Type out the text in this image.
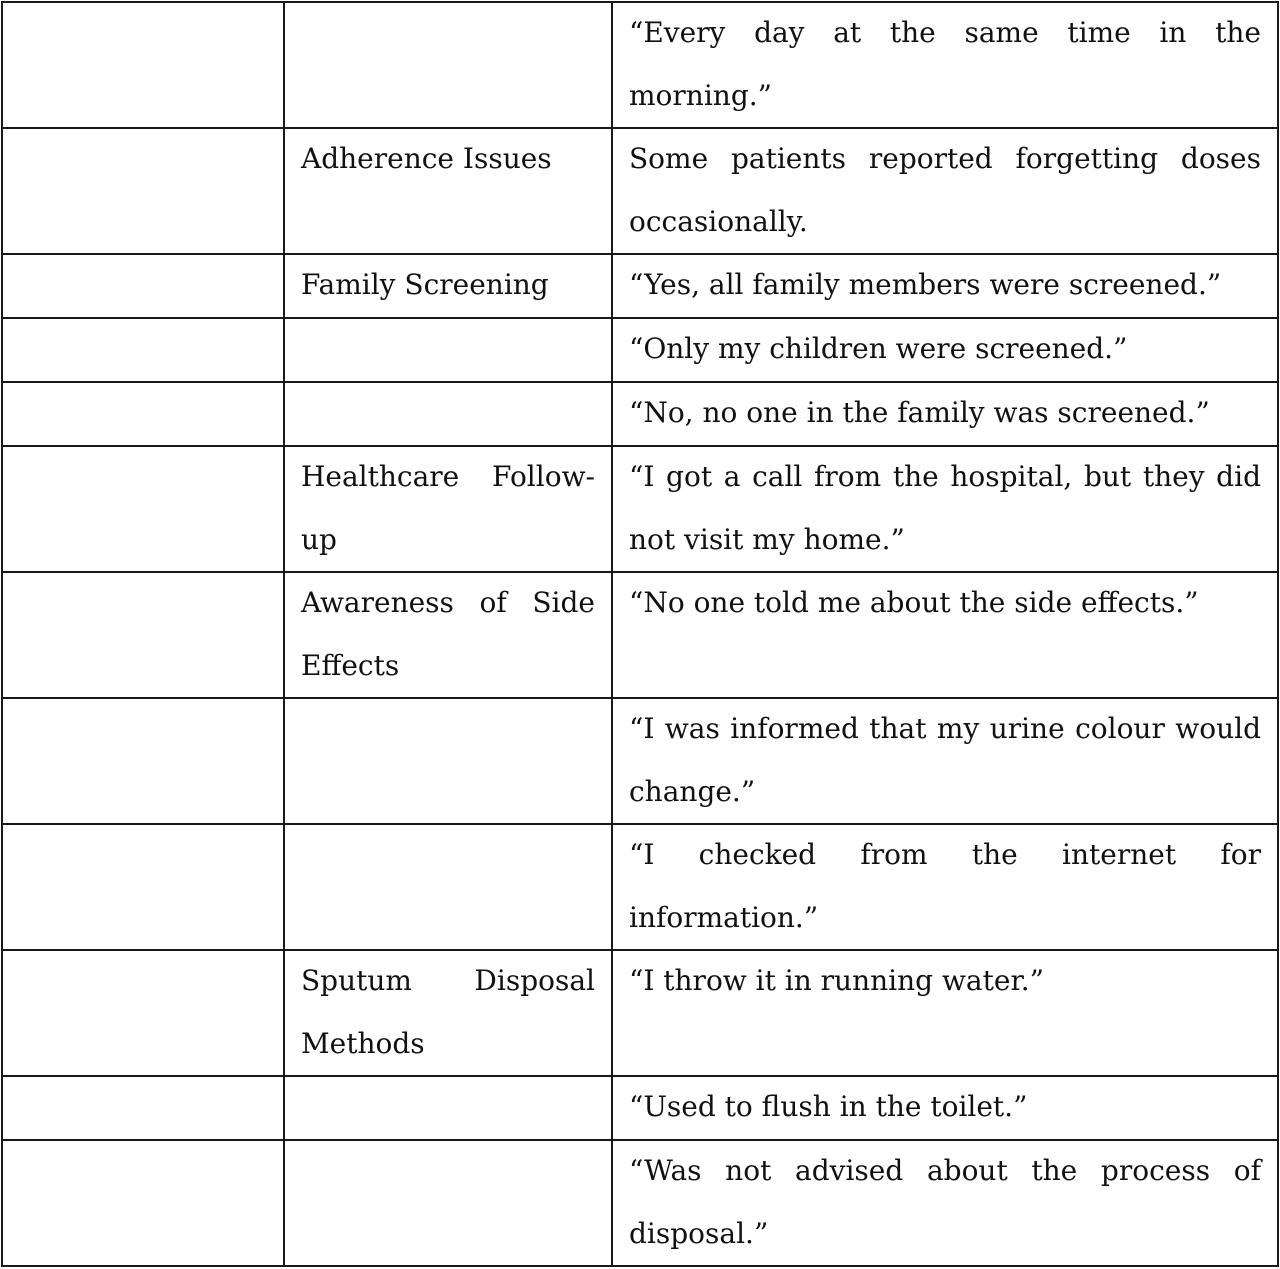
		“Every day at the same time in the morning.”

	Adherence Issues	Some patients reported forgetting doses occasionally.

	Family Screening	“Yes, all family members were screened.”

		“Only my children were screened.”

		“No, no one in the family was screened.”

	Healthcare Follow-up	“I got a call from the hospital, but they did not visit my home.”

	Awareness of Side Effects	“No one told me about the side effects.”

		“I was informed that my urine colour would change.”

		“I checked from the internet for information.”

	Sputum Disposal Methods	“I throw it in running water.”

		“Used to flush in the toilet.”

		“Was not advised about the process of disposal.”
